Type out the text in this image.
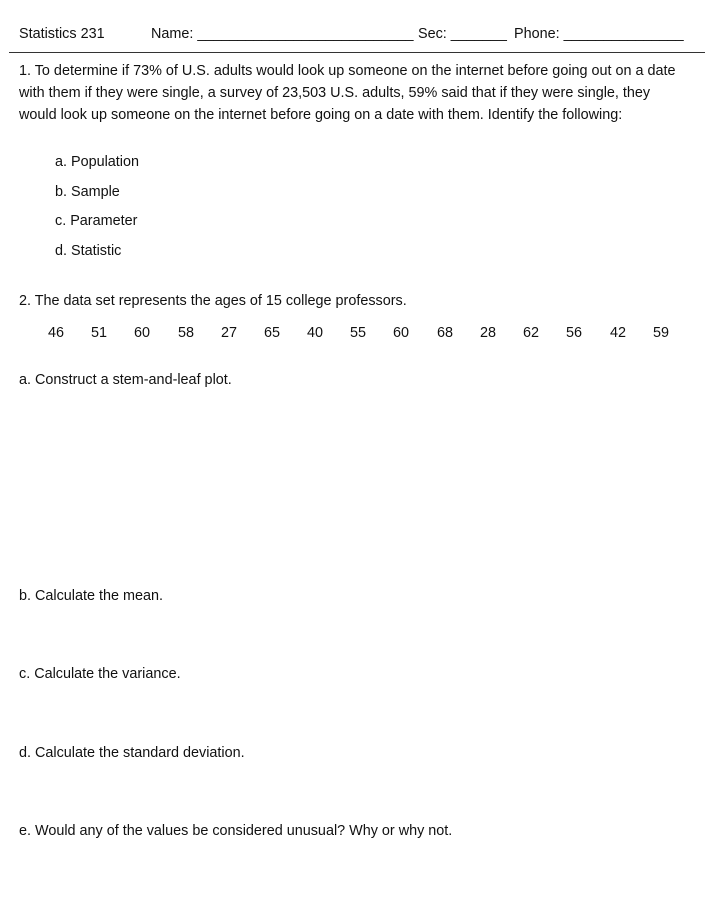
Statistics 231	Name: ___________________________ Sec: _______ Phone: _______________
1. To determine if 73% of U.S. adults would look up someone on the internet before going out on a date with them if they were single, a survey of 23,503 U.S. adults, 59% said that if they were single, they would look up someone on the internet before going on a date with them. Identify the following:
a. Population
b. Sample
c. Parameter
d. Statistic
2. The data set represents the ages of 15 college professors.
46 51 60 58 27 65 40 55 60 68 28 62 56 42 59
a. Construct a stem-and-leaf plot.
b. Calculate the mean.
c. Calculate the variance.
d. Calculate the standard deviation.
e. Would any of the values be considered unusual? Why or why not.
